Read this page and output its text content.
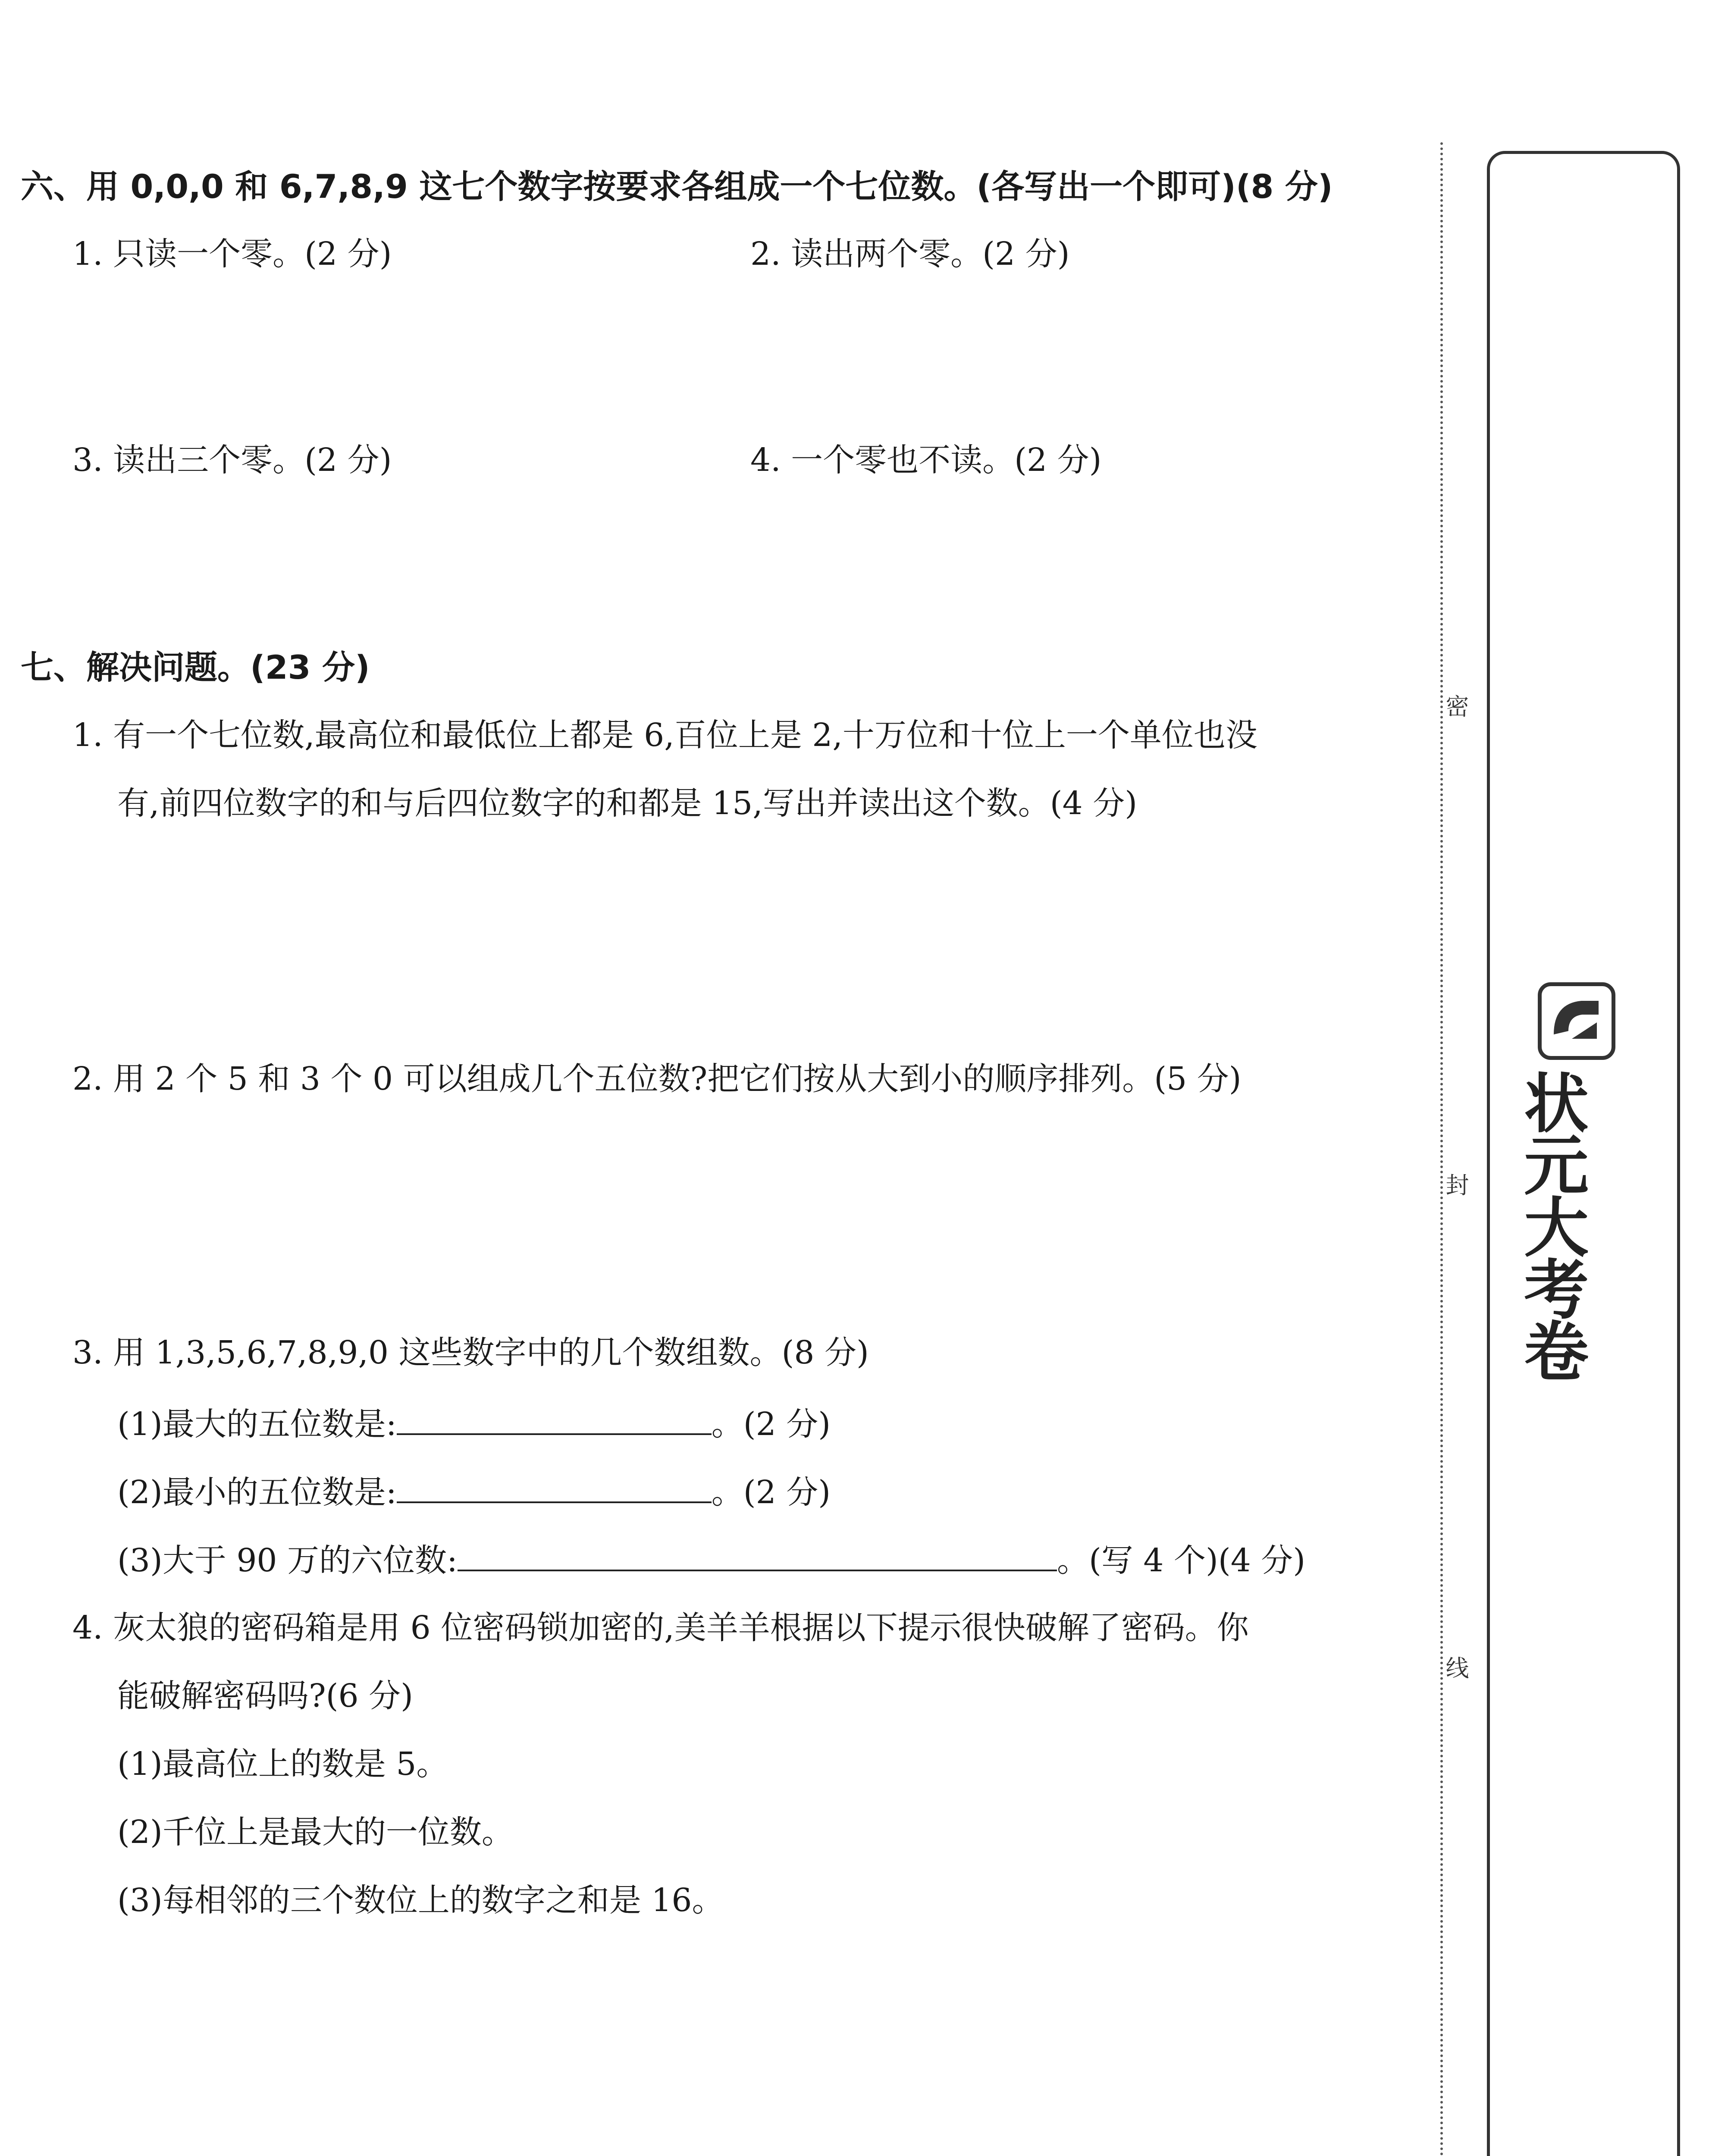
六、用 0,0,0 和 6,7,8,9 这七个数字按要求各组成一个七位数。(各写出一个即可)(8 分)
1. 只读一个零。(2 分)	2. 读出两个零。(2 分)
3. 读出三个零。(2 分)	4. 一个零也不读。(2 分)
七、解决问题。(23 分)
1. 有一个七位数,最高位和最低位上都是 6,百位上是 2,十万位和十位上一个单位也没
有,前四位数字的和与后四位数字的和都是 15,写出并读出这个数。(4 分)
2. 用 2 个 5 和 3 个 0 可以组成几个五位数?把它们按从大到小的顺序排列。(5 分)
3. 用 1,3,5,6,7,8,9,0 这些数字中的几个数组数。(8 分)
(1)最大的五位数是:	。(2 分)
(2)最小的五位数是:	。(2 分)
(3)大于 90 万的六位数:	。(写 4 个)(4 分)
4. 灰太狼的密码箱是用 6 位密码锁加密的,美羊羊根据以下提示很快破解了密码。你
能破解密码吗?(6 分)
(1)最高位上的数是 5。
(2)千位上是最大的一位数。
(3)每相邻的三个数位上的数字之和是 16。
密
封
线
状元大考卷
